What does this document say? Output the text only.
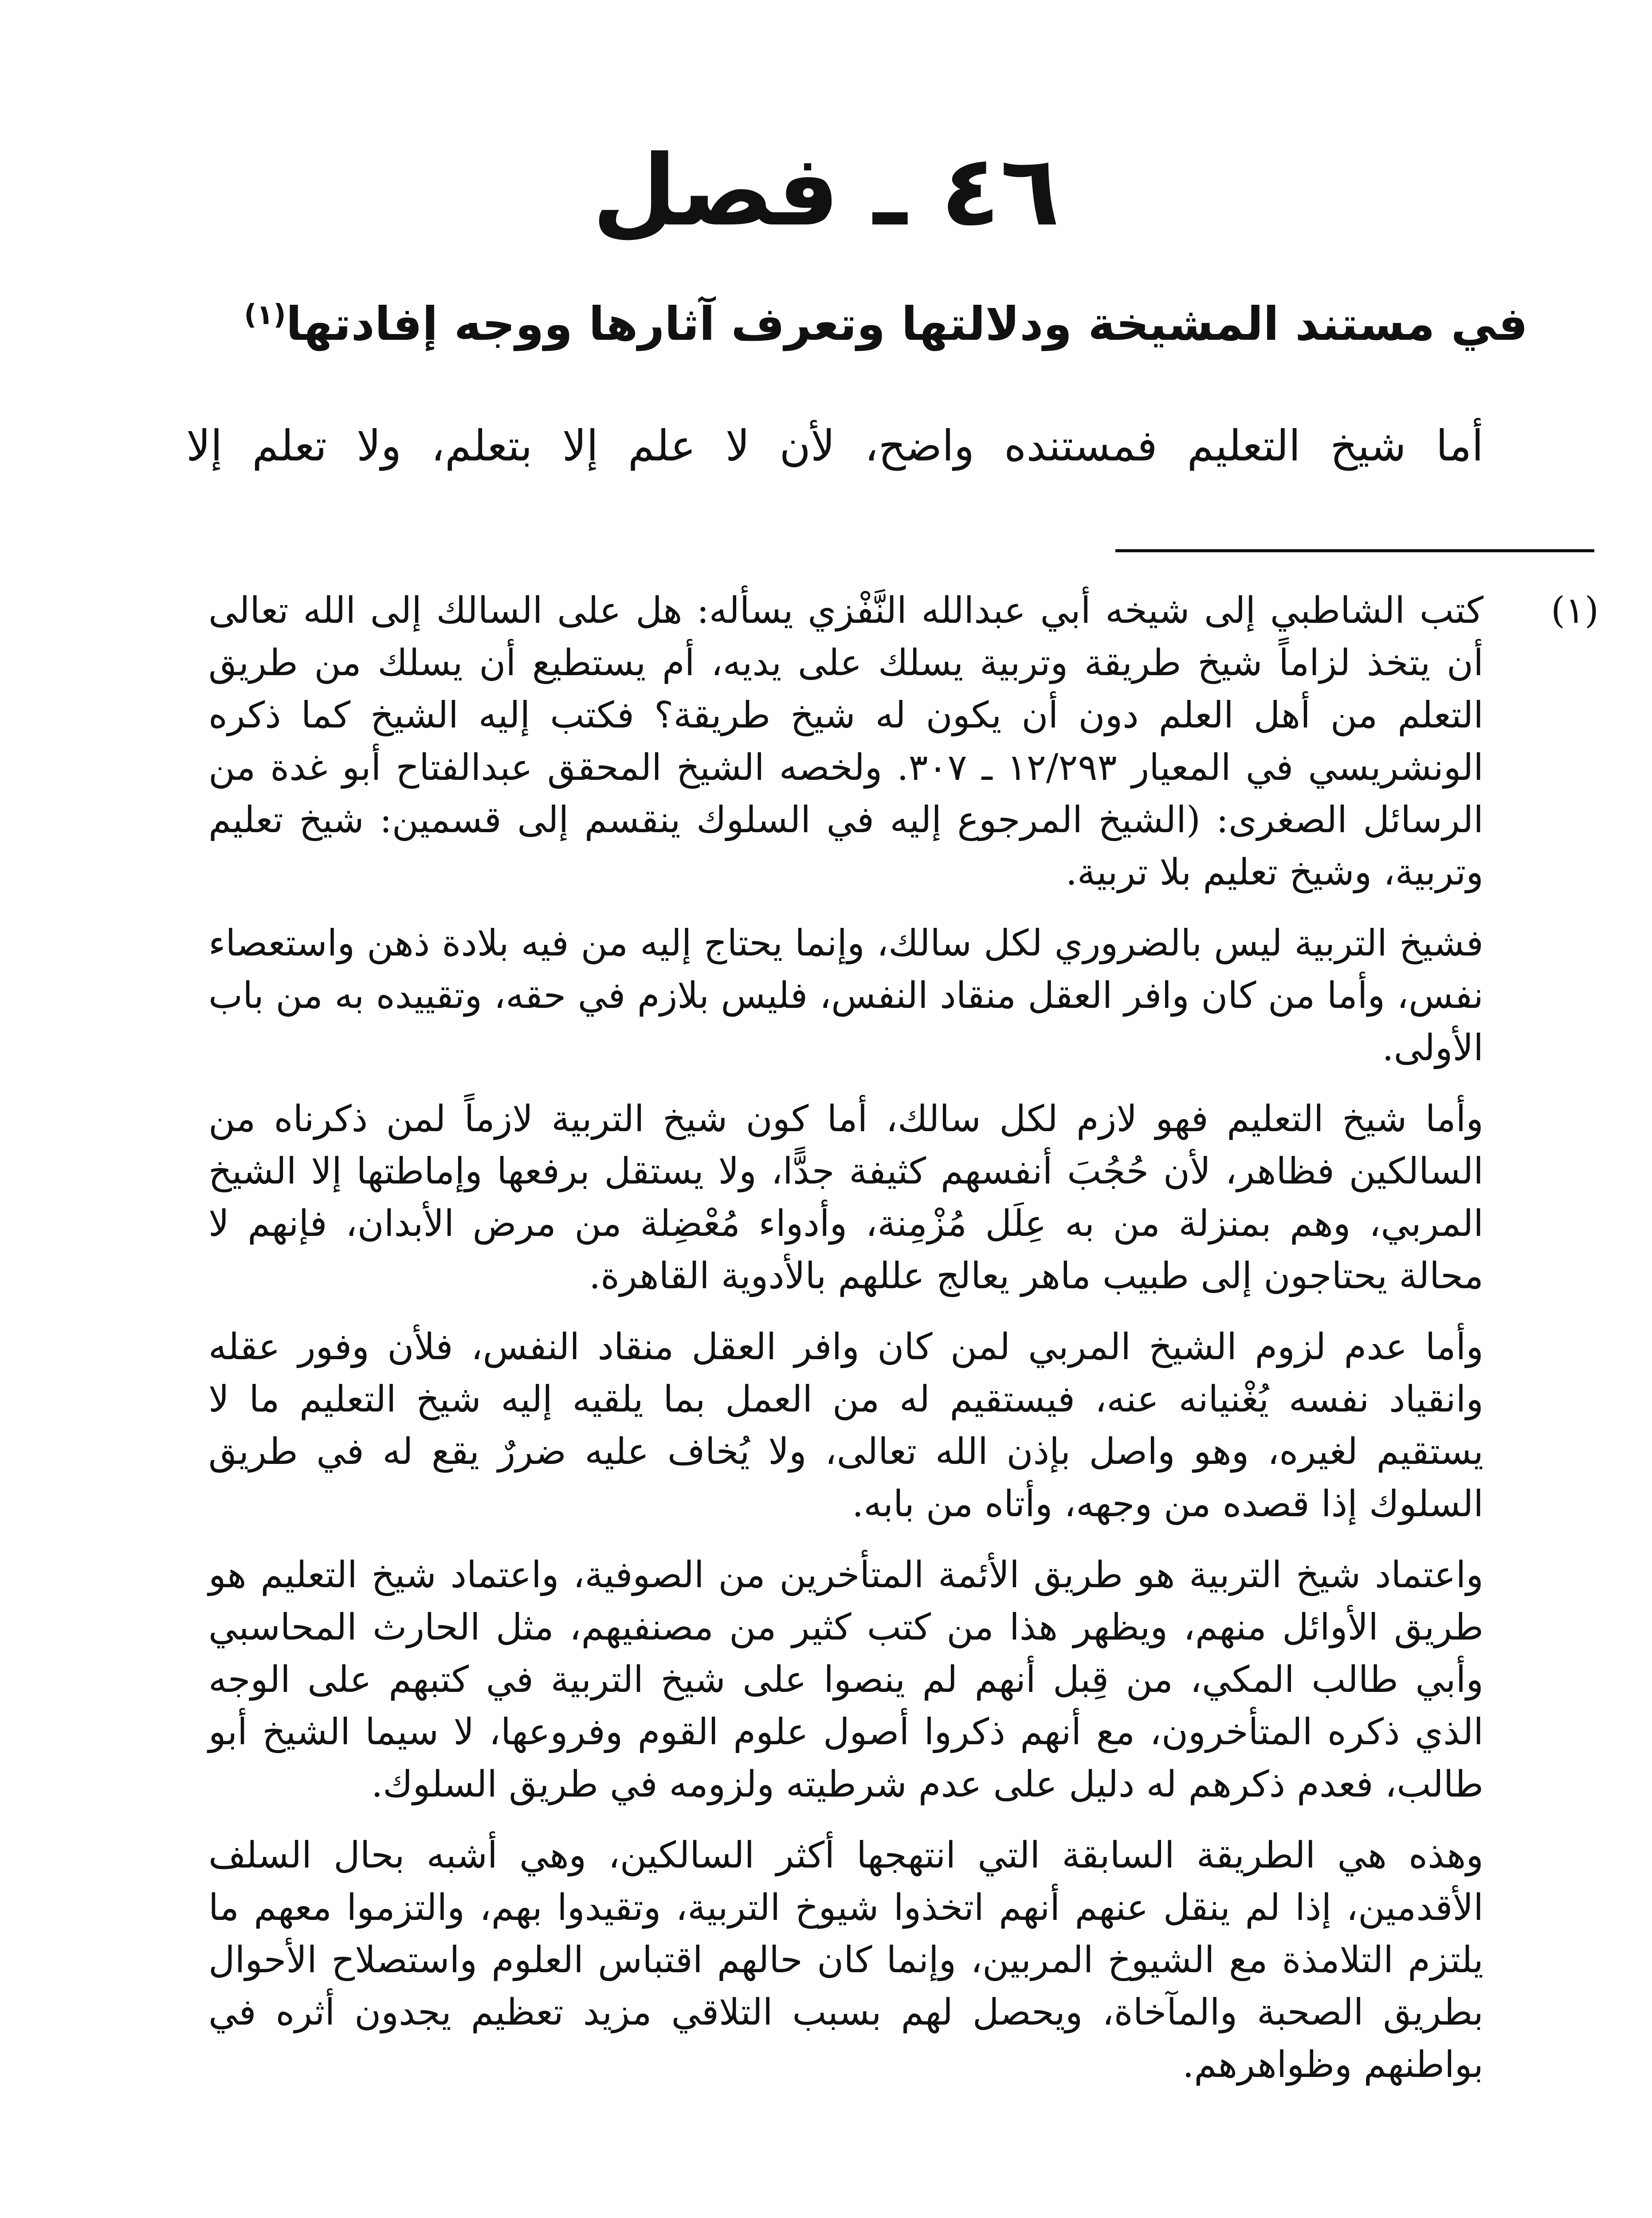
٤٦ ـ فصل
في مستند المشيخة ودلالتها وتعرف آثارها ووجه إفادتها$^{(١)}$
أما شيخ التعليم فمستنده واضح، لأن لا علم إلا بتعلم، ولا تعلم إلا
(١)

كتب الشاطبي إلى شيخه أبي عبدالله النَّفْزي يسأله: هل على السالك إلى الله تعالى أن يتخذ لزاماً شيخ طريقة وتربية يسلك على يديه، أم يستطيع أن يسلك من طريق التعلم من أهل العلم دون أن يكون له شيخ طريقة؟ فكتب إليه الشيخ كما ذكره الونشريسي في المعيار ١٢/٢٩٣ ـ ٣٠٧. ولخصه الشيخ المحقق عبدالفتاح أبو غدة من الرسائل الصغرى: (الشيخ المرجوع إليه في السلوك ينقسم إلى قسمين: شيخ تعليم وتربية، وشيخ تعليم بلا تربية.

فشيخ التربية ليس بالضروري لكل سالك، وإنما يحتاج إليه من فيه بلادة ذهن واستعصاء نفس، وأما من كان وافر العقل منقاد النفس، فليس بلازم في حقه، وتقييده به من باب الأولى.

وأما شيخ التعليم فهو لازم لكل سالك، أما كون شيخ التربية لازماً لمن ذكرناه من السالكين فظاهر، لأن حُجُبَ أنفسهم كثيفة جدًّا، ولا يستقل برفعها وإماطتها إلا الشيخ المربي، وهم بمنزلة من به عِلَل مُزْمِنة، وأدواء مُعْضِلة من مرض الأبدان، فإنهم لا محالة يحتاجون إلى طبيب ماهر يعالج عللهم بالأدوية القاهرة.

وأما عدم لزوم الشيخ المربي لمن كان وافر العقل منقاد النفس، فلأن وفور عقله وانقياد نفسه يُغْنيانه عنه، فيستقيم له من العمل بما يلقيه إليه شيخ التعليم ما لا يستقيم لغيره، وهو واصل بإذن الله تعالى، ولا يُخاف عليه ضررٌ يقع له في طريق السلوك إذا قصده من وجهه، وأتاه من بابه.

واعتماد شيخ التربية هو طريق الأئمة المتأخرين من الصوفية، واعتماد شيخ التعليم هو طريق الأوائل منهم، ويظهر هذا من كتب كثير من مصنفيهم، مثل الحارث المحاسبي وأبي طالب المكي، من قِبل أنهم لم ينصوا على شيخ التربية في كتبهم على الوجه الذي ذكره المتأخرون، مع أنهم ذكروا أصول علوم القوم وفروعها، لا سيما الشيخ أبو طالب، فعدم ذكرهم له دليل على عدم شرطيته ولزومه في طريق السلوك.

وهذه هي الطريقة السابقة التي انتهجها أكثر السالكين، وهي أشبه بحال السلف الأقدمين، إذا لم ينقل عنهم أنهم اتخذوا شيوخ التربية، وتقيدوا بهم، والتزموا معهم ما يلتزم التلامذة مع الشيوخ المربين، وإنما كان حالهم اقتباس العلوم واستصلاح الأحوال بطريق الصحبة والمآخاة، ويحصل لهم بسبب التلاقي مزيد تعظيم يجدون أثره في بواطنهم وظواهرهم.
